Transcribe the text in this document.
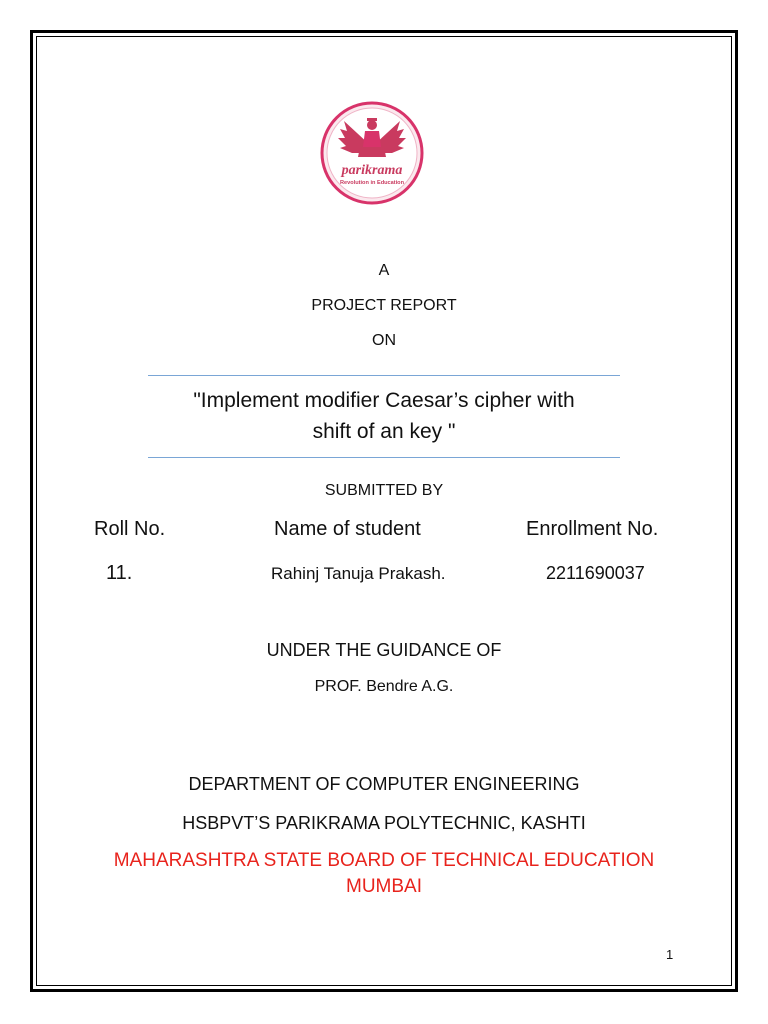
parikrama
Revolution in Education
A
PROJECT REPORT
ON
"Implement modifier Caesar’s cipher with
shift of an key "
SUBMITTED BY
Roll No.	Name of student	Enrollment No.
11.	Rahinj Tanuja Prakash.	2211690037
UNDER THE GUIDANCE OF
PROF. Bendre A.G.
DEPARTMENT OF COMPUTER ENGINEERING
HSBPVT’S PARIKRAMA POLYTECHNIC, KASHTI
MAHARASHTRA STATE BOARD OF TECHNICAL EDUCATION
MUMBAI
1
